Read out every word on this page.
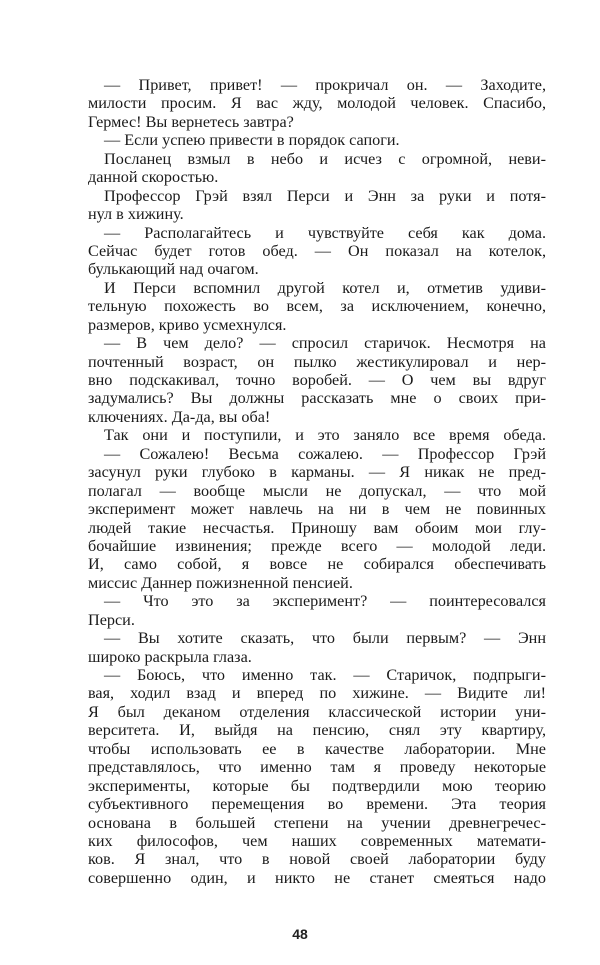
— Привет, привет! — прокричал он. — Заходите,
милости просим. Я вас жду, молодой человек. Спасибо,
Гермес! Вы вернетесь завтра?
— Если успею привести в порядок сапоги.
Посланец взмыл в небо и исчез с огромной, неви-
данной скоростью.
Профессор Грэй взял Перси и Энн за руки и потя-
нул в хижину.
— Располагайтесь и чувствуйте себя как дома.
Сейчас будет готов обед. — Он показал на котелок,
булькающий над очагом.
И Перси вспомнил другой котел и, отметив удиви-
тельную похожесть во всем, за исключением, конечно,
размеров, криво усмехнулся.
— В чем дело? — спросил старичок. Несмотря на
почтенный возраст, он пылко жестикулировал и нер-
вно подскакивал, точно воробей. — О чем вы вдруг
задумались? Вы должны рассказать мне о своих при-
ключениях. Да-да, вы оба!
Так они и поступили, и это заняло все время обеда.
— Сожалею! Весьма сожалею. — Профессор Грэй
засунул руки глубоко в карманы. — Я никак не пред-
полагал — вообще мысли не допускал, — что мой
эксперимент может навлечь на ни в чем не повинных
людей такие несчастья. Приношу вам обоим мои глу-
бочайшие извинения; прежде всего — молодой леди.
И, само собой, я вовсе не собирался обеспечивать
миссис Даннер пожизненной пенсией.
— Что это за эксперимент? — поинтересовался
Перси.
— Вы хотите сказать, что были первым? — Энн
широко раскрыла глаза.
— Боюсь, что именно так. — Старичок, подпрыги-
вая, ходил взад и вперед по хижине. — Видите ли!
Я был деканом отделения классической истории уни-
верситета. И, выйдя на пенсию, снял эту квартиру,
чтобы использовать ее в качестве лаборатории. Мне
представлялось, что именно там я проведу некоторые
эксперименты, которые бы подтвердили мою теорию
субъективного перемещения во времени. Эта теория
основана в большей степени на учении древнегречес-
ких философов, чем наших современных математи-
ков. Я знал, что в новой своей лаборатории буду
совершенно один, и никто не станет смеяться надо
48
